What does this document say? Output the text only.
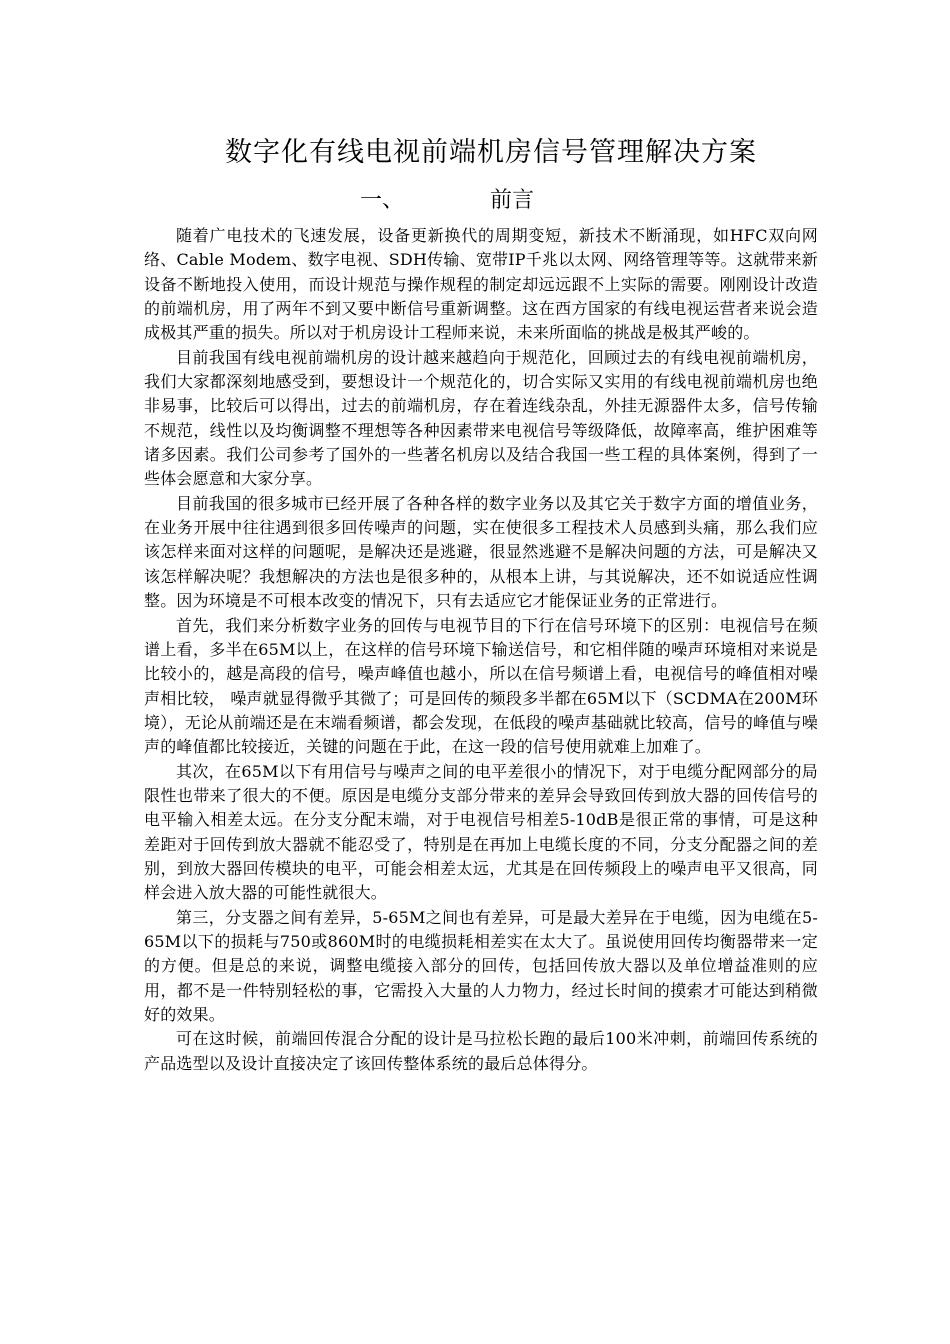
数字化有线电视前端机房信号管理解决方案
一、	前言

随着广电技术的飞速发展，设备更新换代的周期变短，新技术不断涌现，如HFC双向网络、Cable Modem、数字电视、SDH传输、宽带IP千兆以太网、网络管理等等。这就带来新设备不断地投入使用，而设计规范与操作规程的制定却远远跟不上实际的需要。刚刚设计改造的前端机房，用了两年不到又要中断信号重新调整。这在西方国家的有线电视运营者来说会造成极其严重的损失。所以对于机房设计工程师来说，未来所面临的挑战是极其严峻的。

目前我国有线电视前端机房的设计越来越趋向于规范化，回顾过去的有线电视前端机房，我们大家都深刻地感受到，要想设计一个规范化的，切合实际又实用的有线电视前端机房也绝非易事，比较后可以得出，过去的前端机房，存在着连线杂乱，外挂无源器件太多，信号传输不规范，线性以及均衡调整不理想等各种因素带来电视信号等级降低，故障率高，维护困难等诸多因素。我们公司参考了国外的一些著名机房以及结合我国一些工程的具体案例，得到了一些体会愿意和大家分享。

目前我国的很多城市已经开展了各种各样的数字业务以及其它关于数字方面的增值业务，在业务开展中往往遇到很多回传噪声的问题，实在使很多工程技术人员感到头痛，那么我们应该怎样来面对这样的问题呢，是解决还是逃避，很显然逃避不是解决问题的方法，可是解决又该怎样解决呢？我想解决的方法也是很多种的，从根本上讲，与其说解决，还不如说适应性调整。因为环境是不可根本改变的情况下，只有去适应它才能保证业务的正常进行。

首先，我们来分析数字业务的回传与电视节目的下行在信号环境下的区别：电视信号在频谱上看，多半在65M以上，在这样的信号环境下输送信号，和它相伴随的噪声环境相对来说是比较小的，越是高段的信号，噪声峰值也越小，所以在信号频谱上看，电视信号的峰值相对噪声相比较， 噪声就显得微乎其微了；可是回传的频段多半都在65M以下（SCDMA在200M环境），无论从前端还是在末端看频谱，都会发现，在低段的噪声基础就比较高，信号的峰值与噪声的峰值都比较接近，关键的问题在于此，在这一段的信号使用就难上加难了。

其次，在65M以下有用信号与噪声之间的电平差很小的情况下，对于电缆分配网部分的局限性也带来了很大的不便。原因是电缆分支部分带来的差异会导致回传到放大器的回传信号的电平输入相差太远。在分支分配末端，对于电视信号相差5-10dB是很正常的事情，可是这种差距对于回传到放大器就不能忍受了，特别是在再加上电缆长度的不同，分支分配器之间的差别，到放大器回传模块的电平，可能会相差太远，尤其是在回传频段上的噪声电平又很高，同样会进入放大器的可能性就很大。

第三，分支器之间有差异，5-65M之间也有差异，可是最大差异在于电缆，因为电缆在5-65M以下的损耗与750或860M时的电缆损耗相差实在太大了。虽说使用回传均衡器带来一定的方便。但是总的来说，调整电缆接入部分的回传，包括回传放大器以及单位增益准则的应用，都不是一件特别轻松的事，它需投入大量的人力物力，经过长时间的摸索才可能达到稍微好的效果。

可在这时候，前端回传混合分配的设计是马拉松长跑的最后100米冲刺，前端回传系统的产品选型以及设计直接决定了该回传整体系统的最后总体得分。
